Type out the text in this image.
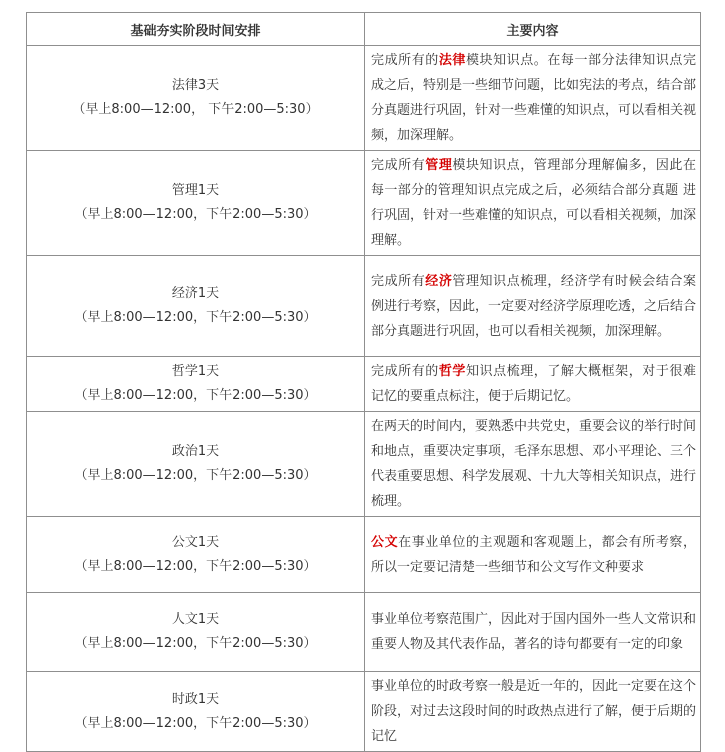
基础夯实阶段时间安排	主要内容

法律3天
（早上8:00—12:00， 下午2:00—5:30）	完成所有的法律模块知识点。在每一部分法律知识点完成之后，特别是一些细节问题，比如宪法的考点，结合部分真题进行巩固，针对一些难懂的知识点，可以看相关视频，加深理解。

管理1天
（早上8:00—12:00，下午2:00—5:30）	完成所有管理模块知识点，管理部分理解偏多，因此在每一部分的管理知识点完成之后，必须结合部分真题 进行巩固，针对一些难懂的知识点，可以看相关视频，加深理解。

经济1天
（早上8:00—12:00，下午2:00—5:30）	完成所有经济管理知识点梳理，经济学有时候会结合案例进行考察，因此，一定要对经济学原理吃透，之后结合部分真题进行巩固，也可以看相关视频，加深理解。

哲学1天
（早上8:00—12:00，下午2:00—5:30）	完成所有的哲学知识点梳理，了解大概框架，对于很难记忆的要重点标注，便于后期记忆。

政治1天
（早上8:00—12:00，下午2:00—5:30）	在两天的时间内，要熟悉中共党史，重要会议的举行时间和地点，重要决定事项，毛泽东思想、邓小平理论、三个代表重要思想、科学发展观、十九大等相关知识点，进行梳理。

公文1天
（早上8:00—12:00，下午2:00—5:30）	公文在事业单位的主观题和客观题上，都会有所考察，所以一定要记清楚一些细节和公文写作文种要求

人文1天
（早上8:00—12:00，下午2:00—5:30）	事业单位考察范围广，因此对于国内国外一些人文常识和重要人物及其代表作品，著名的诗句都要有一定的印象

时政1天
（早上8:00—12:00，下午2:00—5:30）	事业单位的时政考察一般是近一年的，因此一定要在这个阶段，对过去这段时间的时政热点进行了解，便于后期的记忆
